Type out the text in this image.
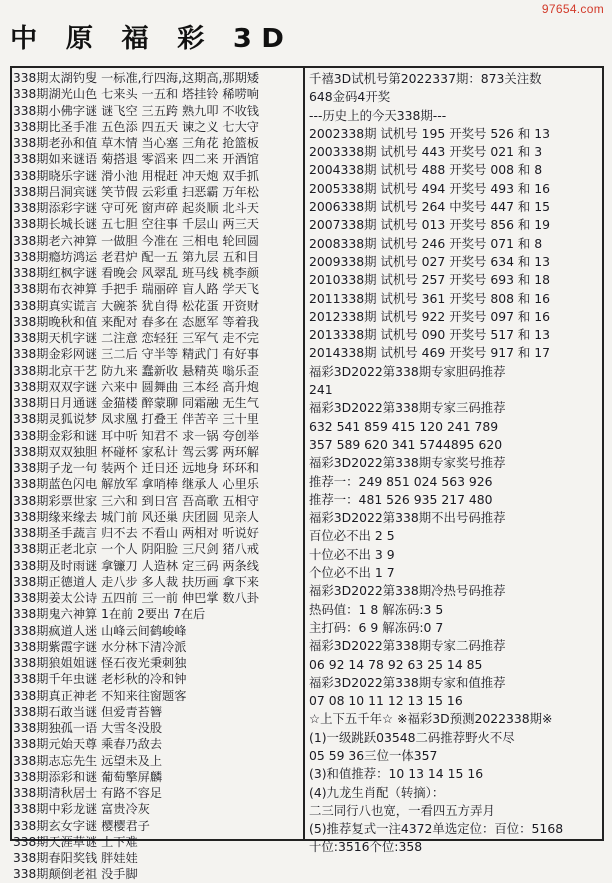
97654.com
中 原 福 彩 3D
338期太湖钓叟 一标准,行四海,这期高,那期矮
338期湖光山色 七来头 一五和 塔挂铃 稀唠响
338期小佛字谜 谜飞空 三五跨 熟九叩 不收钱
338期比圣手准 五色添 四五天 谏之义 七大守
338期老孙和值 草木情 当心塞 三角花 抢篮板
338期如来谜语 菊搭退 零滔来 四二来 开酒馆
338期晓乐字谜 滑小池 用棍赶 冲天炮 双手抓
338期吕洞宾谜 笑节假 云彩重 扫恶霸 万年松
338期添彩字谜 守可死 窗声碎 起炎顺 北斗天
338期长城长谜 五七胆 空往事 千层山 两三天
338期老六神算 一做胆 今准在 三相电 轮回圆
338期瘾坊鸿运 老君炉 配一五 第九层 五和目
338期红枫字谜 看晚会 风翠乱 班马线 桃李颜
338期布衣神算 手把手 瑞丽碎 盲人路 学天飞
338期真实谎言 大碗茶 犹自得 松花蛋 开资财
338期晚秋和值 来配对 春多在 态愿军 等着我
338期天机字谜 二注意 恋轻狂 三军气 走不完
338期金彩网谜 三二后 守半等 精武门 有好事
338期北京干艺 防九来 蠢新收 悬精英 嗡乐歪
338期双双字谜 六来中 圆舞曲 三本经 高升炮
338期日月通谜 金猫楼 醉蒙聊 同霜融 无生气
338期灵狐说梦 凤求凰 打叠王 伴苦辛 三十里
338期金彩和谜 耳中听 知君不 求一锅 夸创举
338期双双独胆 杯碰杯 家私计 驾云雾 两环解
338期子龙一句 装两个 迁日还 远地身 环环和
338期蓝色闪电 解放军 拿哨棒 继承人 心里乐
338期彩票世家 三六和 到日宫 吾高歌 五相守
338期缘来缘去 城门前 风还巢 庆团圆 见亲人
338期圣手蔬言 归不去 不看山 两相对 听说好
338期正老北京 一个人 阴阳脸 三尺剑 猪八戒
338期及时雨谜 拿镰刀 人造林 定三码 两条线
338期正德道人 走八步 多人裁 扶历画 拿下来
338期姜太公诗 五四前 三一前 伸巴掌 数八卦
338期鬼六神算 1在前 2要出 7在后
338期疯道人迷 山峰云间鹤峻峰
338期紫霞字谜 水分林下清冷派
338期狼姐姐谜 怪石夜光秉刺独
338期千年虫谜 老杉秋的冷和钟
338期真正神老 不知来往窗题客
338期石敢当谜 但爱青苔簪
338期独孤一语 大雪冬没股
338期元始天尊 乘春乃敌去
338期志忘先生 远望未及上
338期添彩和谜 葡萄擎屏麟
338期清秋居士 有路不容足
338期中彩龙谜 富贵冷灰
338期玄女字谜 樱樱君子
338期天涯草谜 上下难
338期春阳奖钱 胖娃娃
338期颠倒老祖 没手脚
千禧3D试机号第2022337期：873关注数
648金码4开奖
---历史上的今天338期---
2002338期 试机号 195 开奖号 526 和 13
2003338期 试机号 443 开奖号 021 和 3
2004338期 试机号 488 开奖号 008 和 8
2005338期 试机号 494 开奖号 493 和 16
2006338期 试机号 264 中奖号 447 和 15
2007338期 试机号 013 开奖号 856 和 19
2008338期 试机号 246 开奖号 071 和 8
2009338期 试机号 027 开奖号 634 和 13
2010338期 试机号 257 开奖号 693 和 18
2011338期 试机号 361 开奖号 808 和 16
2012338期 试机号 922 开奖号 097 和 16
2013338期 试机号 090 开奖号 517 和 13
2014338期 试机号 469 开奖号 917 和 17
福彩3D2022第338期专家胆码推荐
241
福彩3D2022第338期专家三码推荐
632 541 859 415 120 241 789
357 589 620 341 5744895 620
福彩3D2022第338期专家奖号推荐
推荐一：249 851 024 563 926
推荐一：481 526 935 217 480
福彩3D2022第338期不出号码推荐
百位必不出 2 5
十位必不出 3 9
个位必不出 1 7
福彩3D2022第338期冷热号码推荐
热码值：1 8 解冻码:3 5
主打码：6 9 解冻码:0 7
福彩3D2022第338期专家二码推荐
06 92 14 78 92 63 25 14 85
福彩3D2022第338期专家和值推荐
07 08 10 11 12 13 15 16
☆上下五千年☆ ※福彩3D预测2022338期※
(1)一级跳跃03548二码推荐野火不尽
05 59 36三位一体357
(3)和值推荐：10 13 14 15 16
(4)九龙生肖配（转摘）：
二三同行八也宽，一看四五方弄月
(5)推荐复式一注4372单选定位：百位：5168
十位:3516个位:358
